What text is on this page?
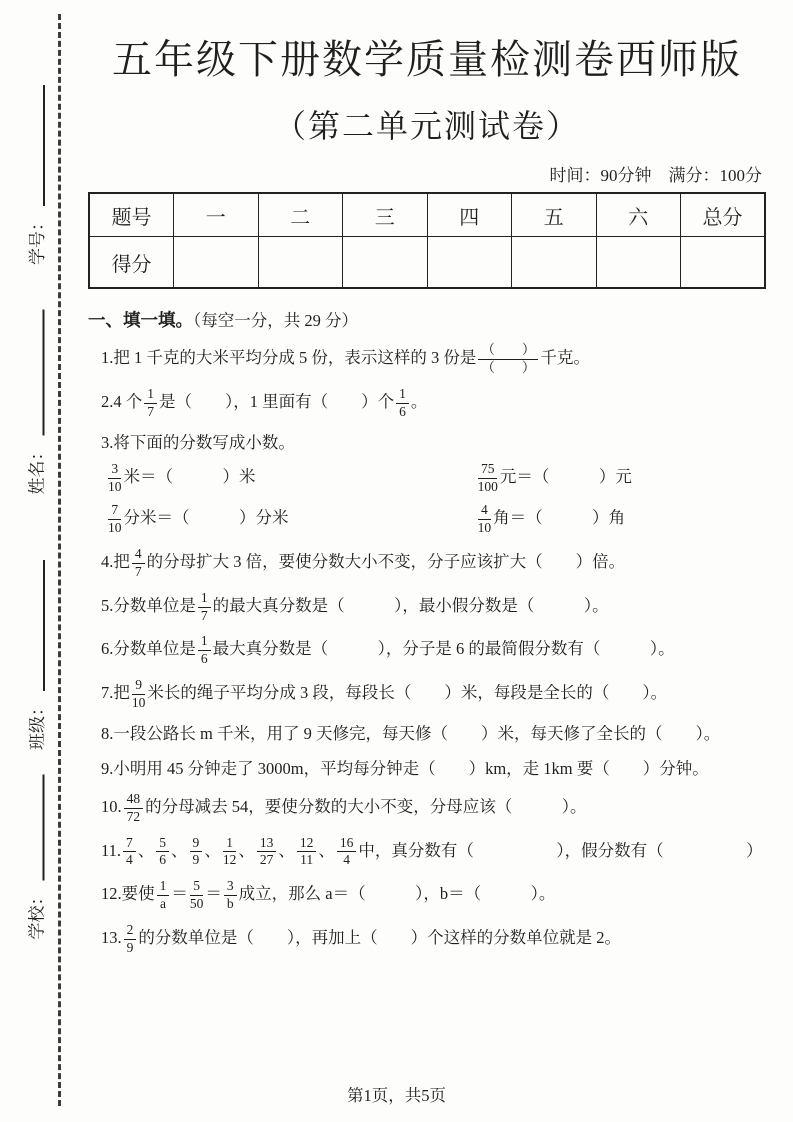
学号：
姓名：
班级：
学校：
五年级下册数学质量检测卷西师版
（第二单元测试卷）
时间：90分钟　满分：100分
题号	一	二	三	四	五	六	总分
得分							
一、填一填。（每空一分，共 29 分）
1.把 1 千克的大米平均分成 5 份，表示这样的 3 份是 $\frac{( )}{( )}$ 千克。
2.4 个 $\frac{1}{7}$ 是（　　），1 里面有（　　）个 $\frac{1}{6}$ 。
3.将下面的分数写成小数。
$\frac{3}{10}$ 米＝（　　　）米	$\frac{75}{100}$ 元＝（　　　）元
$\frac{7}{10}$ 分米＝（　　　）分米	$\frac{4}{10}$ 角＝（　　　）角
4.把 $\frac{4}{7}$ 的分母扩大 3 倍，要使分数大小不变，分子应该扩大（　　）倍。
5.分数单位是 $\frac{1}{7}$ 的最大真分数是（　　　），最小假分数是（　　　）。
6.分数单位是 $\frac{1}{6}$ 最大真分数是（　　　），分子是 6 的最简假分数有（　　　）。
7.把 $\frac{9}{10}$ 米长的绳子平均分成 3 段，每段长（　　）米，每段是全长的（　　）。
8.一段公路长 m 千米，用了 9 天修完，每天修（　　）米，每天修了全长的（　　）。
9.小明用 45 分钟走了 3000m，平均每分钟走（　　）km，走 1km 要（　　）分钟。
10. $\frac{48}{72}$ 的分母减去 54，要使分数的大小不变，分母应该（　　　）。
11. $\frac{7}{4}$ 、 $\frac{5}{6}$ 、 $\frac{9}{9}$ 、 $\frac{1}{12}$ 、 $\frac{13}{27}$ 、 $\frac{12}{11}$ 、 $\frac{16}{4}$ 中，真分数有（　　　　　），假分数有（　　　　　）
12.要使 $\frac{1}{a} = \frac{5}{50} = \frac{3}{b}$ 成立，那么 a＝（　　　），b＝（　　　）。
13. $\frac{2}{9}$ 的分数单位是（　　），再加上（　　）个这样的分数单位就是 2。
第1页，共5页
